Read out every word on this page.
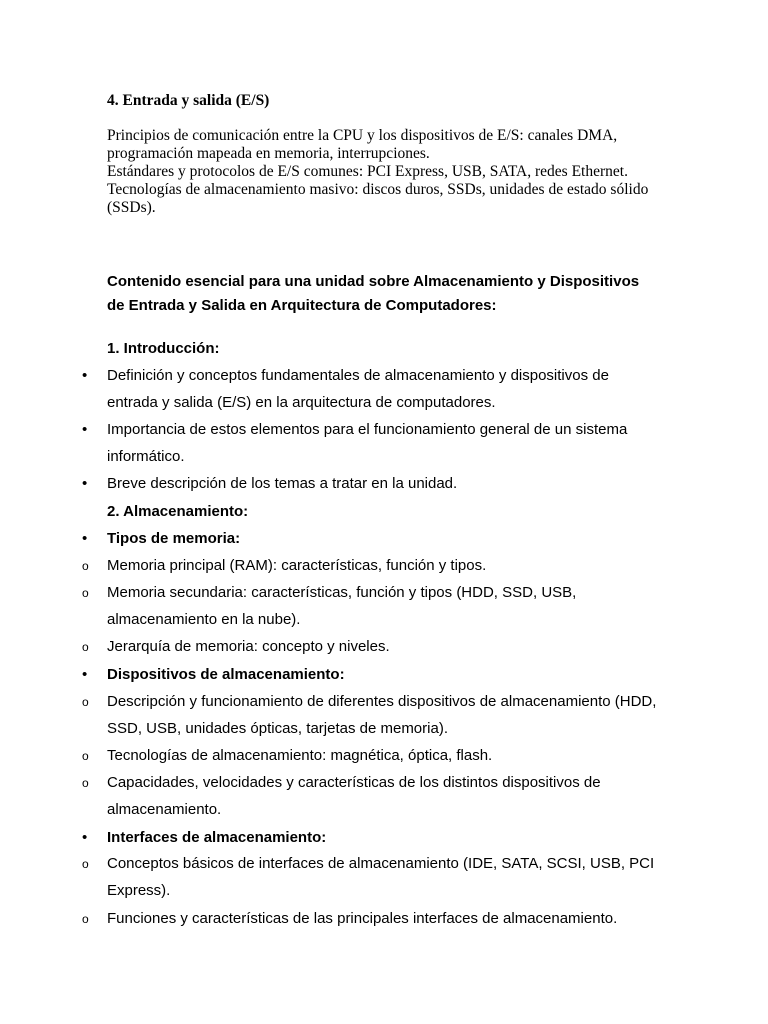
4. Entrada y salida (E/S)
Principios de comunicación entre la CPU y los dispositivos de E/S: canales DMA,
programación mapeada en memoria, interrupciones.
Estándares y protocolos de E/S comunes: PCI Express, USB, SATA, redes Ethernet.
Tecnologías de almacenamiento masivo: discos duros, SSDs, unidades de estado sólido
(SSDs).
Contenido esencial para una unidad sobre Almacenamiento y Dispositivos
de Entrada y Salida en Arquitectura de Computadores:
1. Introducción:
• Definición y conceptos fundamentales de almacenamiento y dispositivos de
entrada y salida (E/S) en la arquitectura de computadores.
• Importancia de estos elementos para el funcionamiento general de un sistema
informático.
• Breve descripción de los temas a tratar en la unidad.
2. Almacenamiento:
• Tipos de memoria:
o Memoria principal (RAM): características, función y tipos.
o Memoria secundaria: características, función y tipos (HDD, SSD, USB,
almacenamiento en la nube).
o Jerarquía de memoria: concepto y niveles.
• Dispositivos de almacenamiento:
o Descripción y funcionamiento de diferentes dispositivos de almacenamiento (HDD,
SSD, USB, unidades ópticas, tarjetas de memoria).
o Tecnologías de almacenamiento: magnética, óptica, flash.
o Capacidades, velocidades y características de los distintos dispositivos de
almacenamiento.
• Interfaces de almacenamiento:
o Conceptos básicos de interfaces de almacenamiento (IDE, SATA, SCSI, USB, PCI
Express).
o Funciones y características de las principales interfaces de almacenamiento.
